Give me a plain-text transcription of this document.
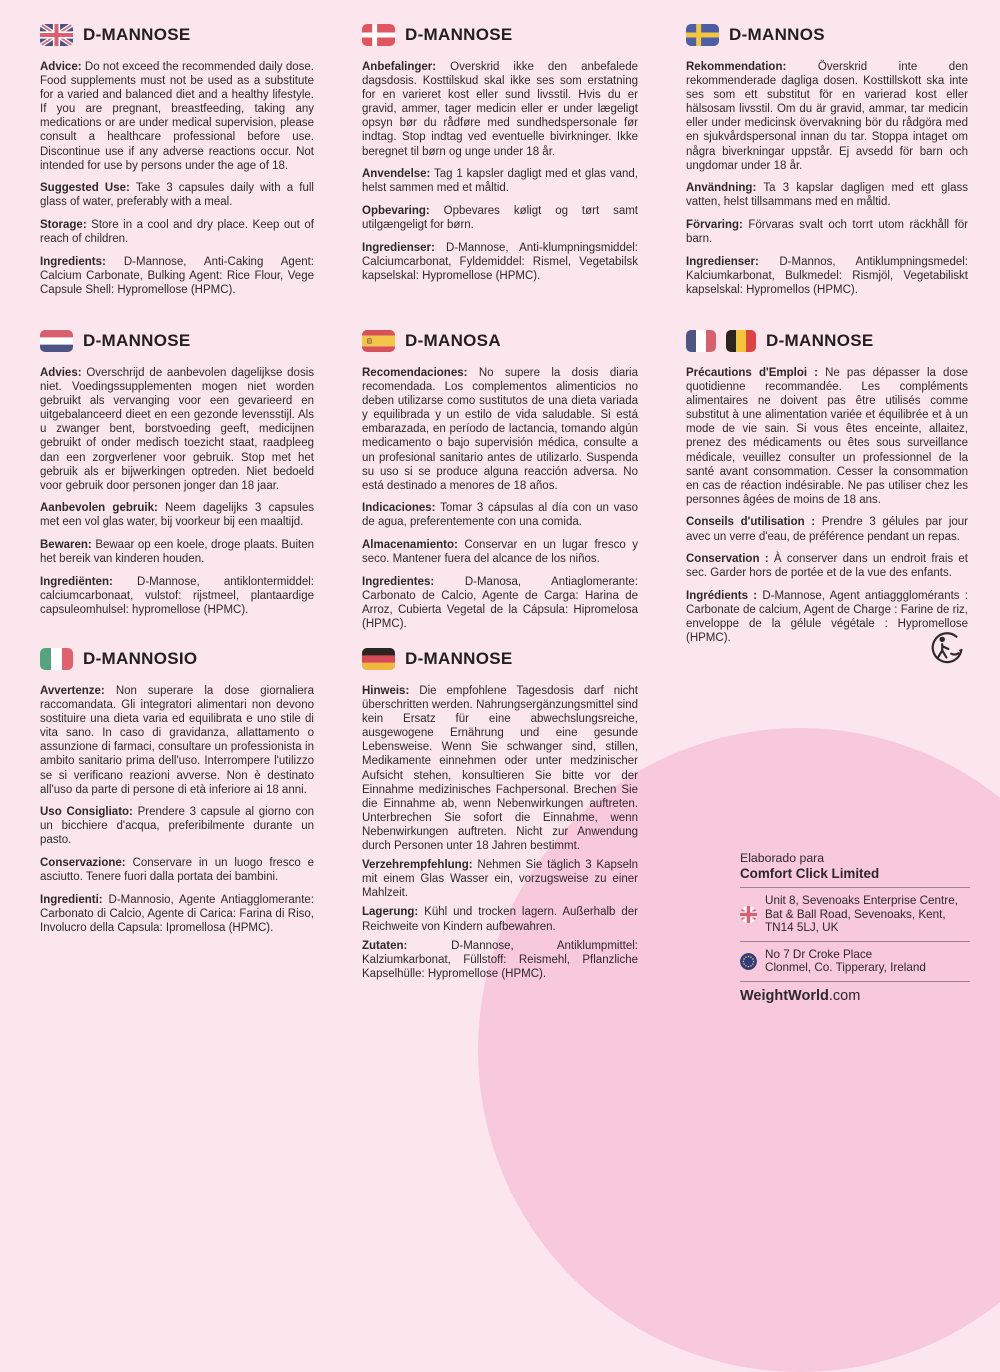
D-MANNOSE

Advice: Do not exceed the recommended daily dose. Food supplements must not be used as a substitute for a varied and balanced diet and a healthy lifestyle. If you are pregnant, breastfeeding, taking any medications or are under medical supervision, please consult a healthcare professional before use. Discontinue use if any adverse reactions occur. Not intended for use by persons under the age of 18.

Suggested Use: Take 3 capsules daily with a full glass of water, preferably with a meal.

Storage: Store in a cool and dry place. Keep out of reach of children.

Ingredients: D-Mannose, Anti-Caking Agent: Calcium Carbonate, Bulking Agent: Rice Flour, Vege Capsule Shell: Hypromellose (HPMC).

D-MANNOSE

Anbefalinger: Overskrid ikke den anbefalede dagsdosis. Kosttilskud skal ikke ses som erstatning for en varieret kost eller sund livsstil. Hvis du er gravid, ammer, tager medicin eller er under lægeligt opsyn bør du rådføre med sundhedspersonale før indtag. Stop indtag ved eventuelle bivirkninger. Ikke beregnet til børn og unge under 18 år.

Anvendelse: Tag 1 kapsler dagligt med et glas vand, helst sammen med et måltid.

Opbevaring: Opbevares køligt og tørt samt utilgængeligt for børn.

Ingredienser: D-Mannose, Anti-klumpningsmiddel: Calciumcarbonat, Fyldemiddel: Rismel, Vegetabilsk kapselskal: Hypromellose (HPMC).

D-MANNOS

Rekommendation:	Överskrid inte den rekommenderade dagliga dosen. Kosttillskott ska inte ses som ett substitut för en varierad kost eller hälsosam livsstil. Om du är gravid, ammar, tar medicin eller under medicinsk övervakning bör du rådgöra med en sjukvårdspersonal innan du tar. Stoppa intaget om några biverkningar uppstår. Ej avsedd för barn och ungdomar under 18 år.

Användning: Ta 3 kapslar dagligen med ett glass vatten, helst tillsammans med en måltid.

Förvaring: Förvaras svalt och torrt utom räckhåll för barn.

Ingredienser: D-Mannos, Antiklumpningsmedel: Kalciumkarbonat, Bulkmedel: Rismjöl, Vegetabiliskt kapselskal: Hypromellos (HPMC).

D-MANNOSE

Advies: Overschrijd de aanbevolen dagelijkse dosis niet. Voedingssupplementen mogen niet worden gebruikt als vervanging voor een gevarieerd en uitgebalanceerd dieet en een gezonde levensstijl. Als u zwanger bent, borstvoeding geeft, medicijnen gebruikt of onder medisch toezicht staat, raadpleeg dan een zorgverlener voor gebruik. Stop met het gebruik als er bijwerkingen optreden. Niet bedoeld voor gebruik door personen jonger dan 18 jaar.

Aanbevolen gebruik: Neem dagelijks 3 capsules met een vol glas water, bij voorkeur bij een maaltijd.

Bewaren: Bewaar op een koele, droge plaats. Buiten het bereik van kinderen houden.

Ingrediënten: D-Mannose, antiklontermiddel: calciumcarbonaat, vulstof: rijstmeel, plantaardige capsuleomhulsel: hypromellose (HPMC).

D-MANOSA

Recomendaciones: No supere la dosis diaria recomendada. Los complementos alimenticios no deben utilizarse como sustitutos de una dieta variada y equilibrada y un estilo de vida saludable. Si está embarazada, en período de lactancia, tomando algún medicamento o bajo supervisión médica, consulte a un profesional sanitario antes de utilizarlo. Suspenda su uso si se produce alguna reacción adversa. No está destinado a menores de 18 años.

Indicaciones: Tomar 3 cápsulas al día con un vaso de agua, preferentemente con una comida.

Almacenamiento: Conservar en un lugar fresco y seco. Mantener fuera del alcance de los niños.

Ingredientes:	D-Manosa, Antiaglomerante: Carbonato de Calcio, Agente de Carga: Harina de Arroz, Cubierta Vegetal de la Cápsula: Hipromelosa (HPMC).

D-MANNOSE

Précautions d'Emploi : Ne pas dépasser la dose quotidienne recommandée. Les compléments alimentaires ne doivent pas être utilisés comme substitut à une alimentation variée et équilibrée et à un mode de vie sain. Si vous êtes enceinte, allaitez, prenez des médicaments ou êtes sous surveillance médicale, veuillez consulter un professionnel de la santé avant consommation. Cesser la consommation en cas de réaction indésirable. Ne pas utiliser chez les personnes âgées de moins de 18 ans.

Conseils d'utilisation : Prendre 3 gélules par jour avec un verre d'eau, de préférence pendant un repas.

Conservation : À conserver dans un endroit frais et sec. Garder hors de portée et de la vue des enfants.

Ingrédients : D-Mannose, Agent antiaggglomérants : Carbonate de calcium, Agent de Charge : Farine de riz, enveloppe de la gélule végétale : Hypromellose (HPMC).

D-MANNOSIO

Avvertenze: Non superare la dose giornaliera raccomandata. Gli integratori alimentari non devono sostituire una dieta varia ed equilibrata e uno stile di vita sano. In caso di gravidanza, allattamento o assunzione di farmaci, consultare un professionista in ambito sanitario prima dell'uso. Interrompere l'utilizzo se si verificano reazioni avverse. Non è destinato all'uso da parte di persone di età inferiore ai 18 anni.

Uso Consigliato: Prendere 3 capsule al giorno con un bicchiere d'acqua, preferibilmente durante un pasto.

Conservazione: Conservare in un luogo fresco e asciutto. Tenere fuori dalla portata dei bambini.

Ingredienti: D-Mannosio, Agente Antiagglomerante: Carbonato di Calcio, Agente di Carica: Farina di Riso, Involucro della Capsula: Ipromellosa (HPMC).

D-MANNOSE

Hinweis: Die empfohlene Tagesdosis darf nicht überschritten werden. Nahrungsergänzungsmittel sind kein Ersatz für eine abwechslungsreiche, ausgewogene Ernährung und eine gesunde Lebensweise. Wenn Sie schwanger sind, stillen, Medikamente einnehmen oder unter medzinischer Aufsicht stehen, konsultieren Sie bitte vor der Einnahme medizinisches Fachpersonal. Brechen Sie die Einnahme ab, wenn Nebenwirkungen auftreten. Unterbrechen Sie sofort die Einnahme, wenn Nebenwirkungen auftreten. Nicht zur Anwendung durch Personen unter 18 Jahren bestimmt.

Verzehrempfehlung: Nehmen Sie täglich 3 Kapseln mit einem Glas Wasser ein, vorzugsweise zu einer Mahlzeit.

Lagerung: Kühl und trocken lagern. Außerhalb der Reichweite von Kindern aufbewahren.

Zutaten:	D-Mannose, Antiklumpmittel: Kalziumkarbonat, Füllstoff: Reismehl, Pflanzliche Kapselhülle: Hypromellose (HPMC).

Elaborado para
Comfort Click Limited
Unit 8, Sevenoaks Enterprise Centre, Bat & Ball Road, Sevenoaks, Kent, TN14 5LJ, UK
No 7 Dr Croke Place
Clonmel, Co. Tipperary, Ireland
WeightWorld.com
